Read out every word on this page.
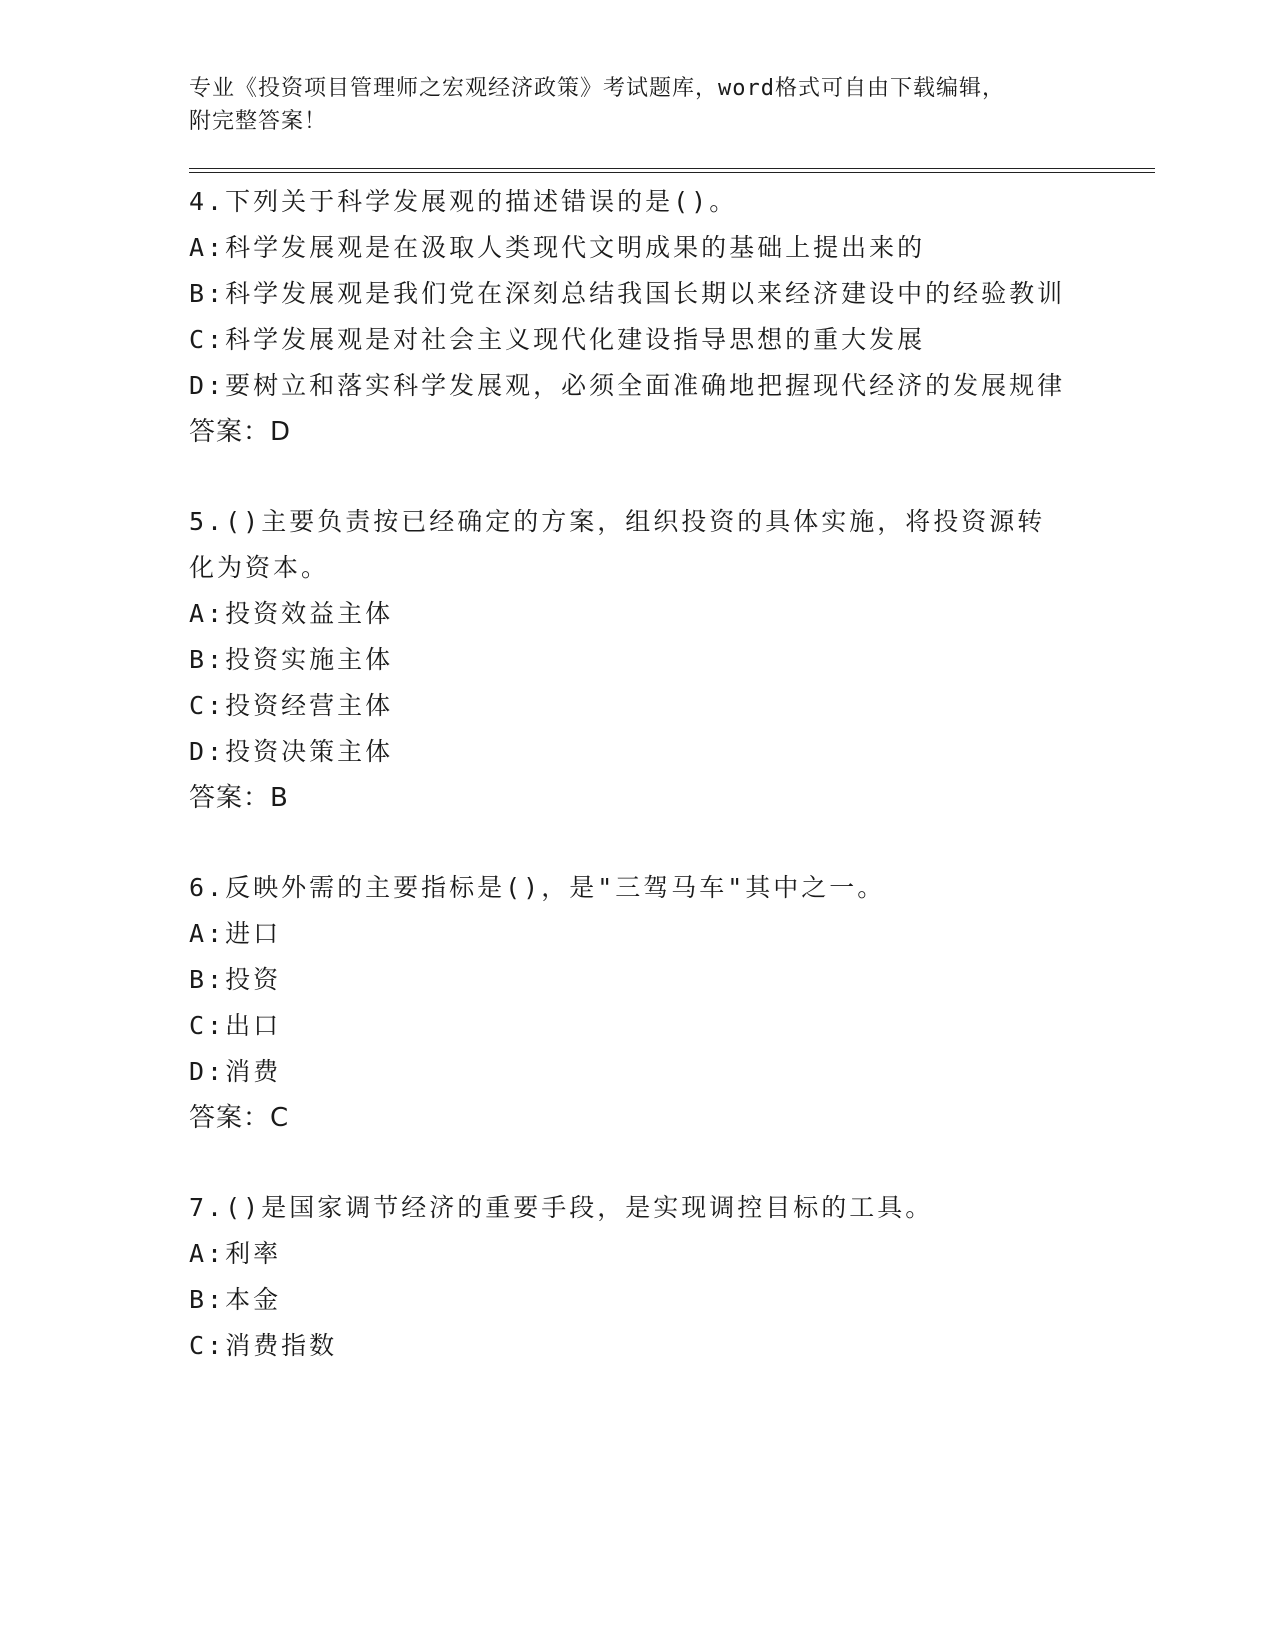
专业《投资项目管理师之宏观经济政策》考试题库，word格式可自由下载编辑，
附完整答案！
4.下列关于科学发展观的描述错误的是()。
A: 科学发展观是在汲取人类现代文明成果的基础上提出来的
B: 科学发展观是我们党在深刻总结我国长期以来经济建设中的经验教训
C: 科学发展观是对社会主义现代化建设指导思想的重大发展
D: 要树立和落实科学发展观，必须全面准确地把握现代经济的发展规律
答案：D
5.()主要负责按已经确定的方案，组织投资的具体实施，将投资源转化为资本。
A: 投资效益主体
B: 投资实施主体
C: 投资经营主体
D: 投资决策主体
答案：B
6.反映外需的主要指标是()，是"三驾马车"其中之一。
A: 进口
B: 投资
C: 出口
D: 消费
答案：C
7.()是国家调节经济的重要手段，是实现调控目标的工具。
A: 利率
B: 本金
C: 消费指数
